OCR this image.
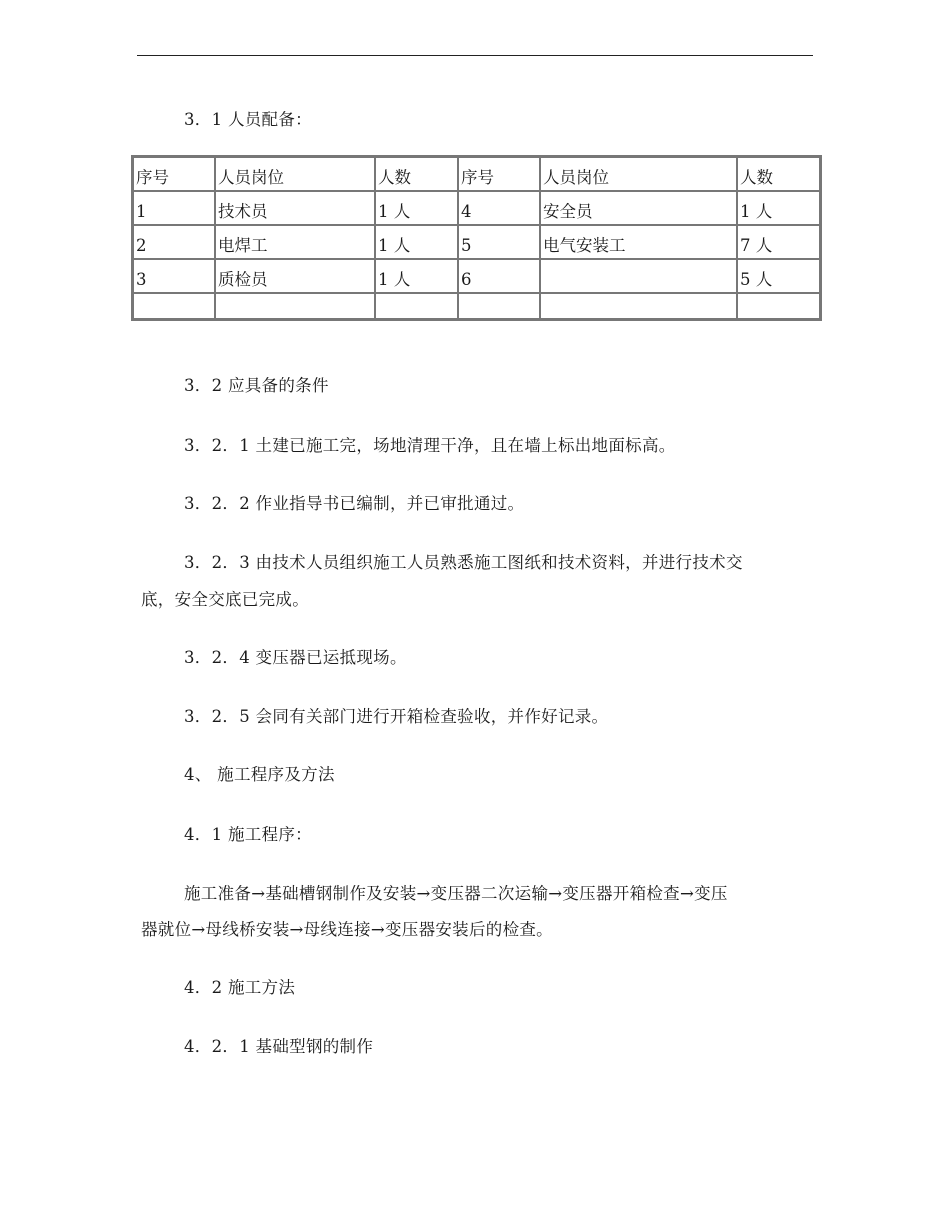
3．1 人员配备：
序号	人员岗位	人数	序号	人员岗位	人数
1	技术员	1 人	4	安全员	1 人
2	电焊工	1 人	5	电气安装工	7 人
3	质检员	1 人	6		5 人

3．2 应具备的条件
3．2．1 土建已施工完，场地清理干净，且在墙上标出地面标高。
3．2．2 作业指导书已编制，并已审批通过。
3．2．3 由技术人员组织施工人员熟悉施工图纸和技术资料，并进行技术交
底，安全交底已完成。
3．2．4 变压器已运抵现场。
3．2．5 会同有关部门进行开箱检查验收，并作好记录。
4、 施工程序及方法
4．1 施工程序：
施工准备→基础槽钢制作及安装→变压器二次运输→变压器开箱检查→变压
器就位→母线桥安装→母线连接→变压器安装后的检查。
4．2 施工方法
4．2．1 基础型钢的制作
